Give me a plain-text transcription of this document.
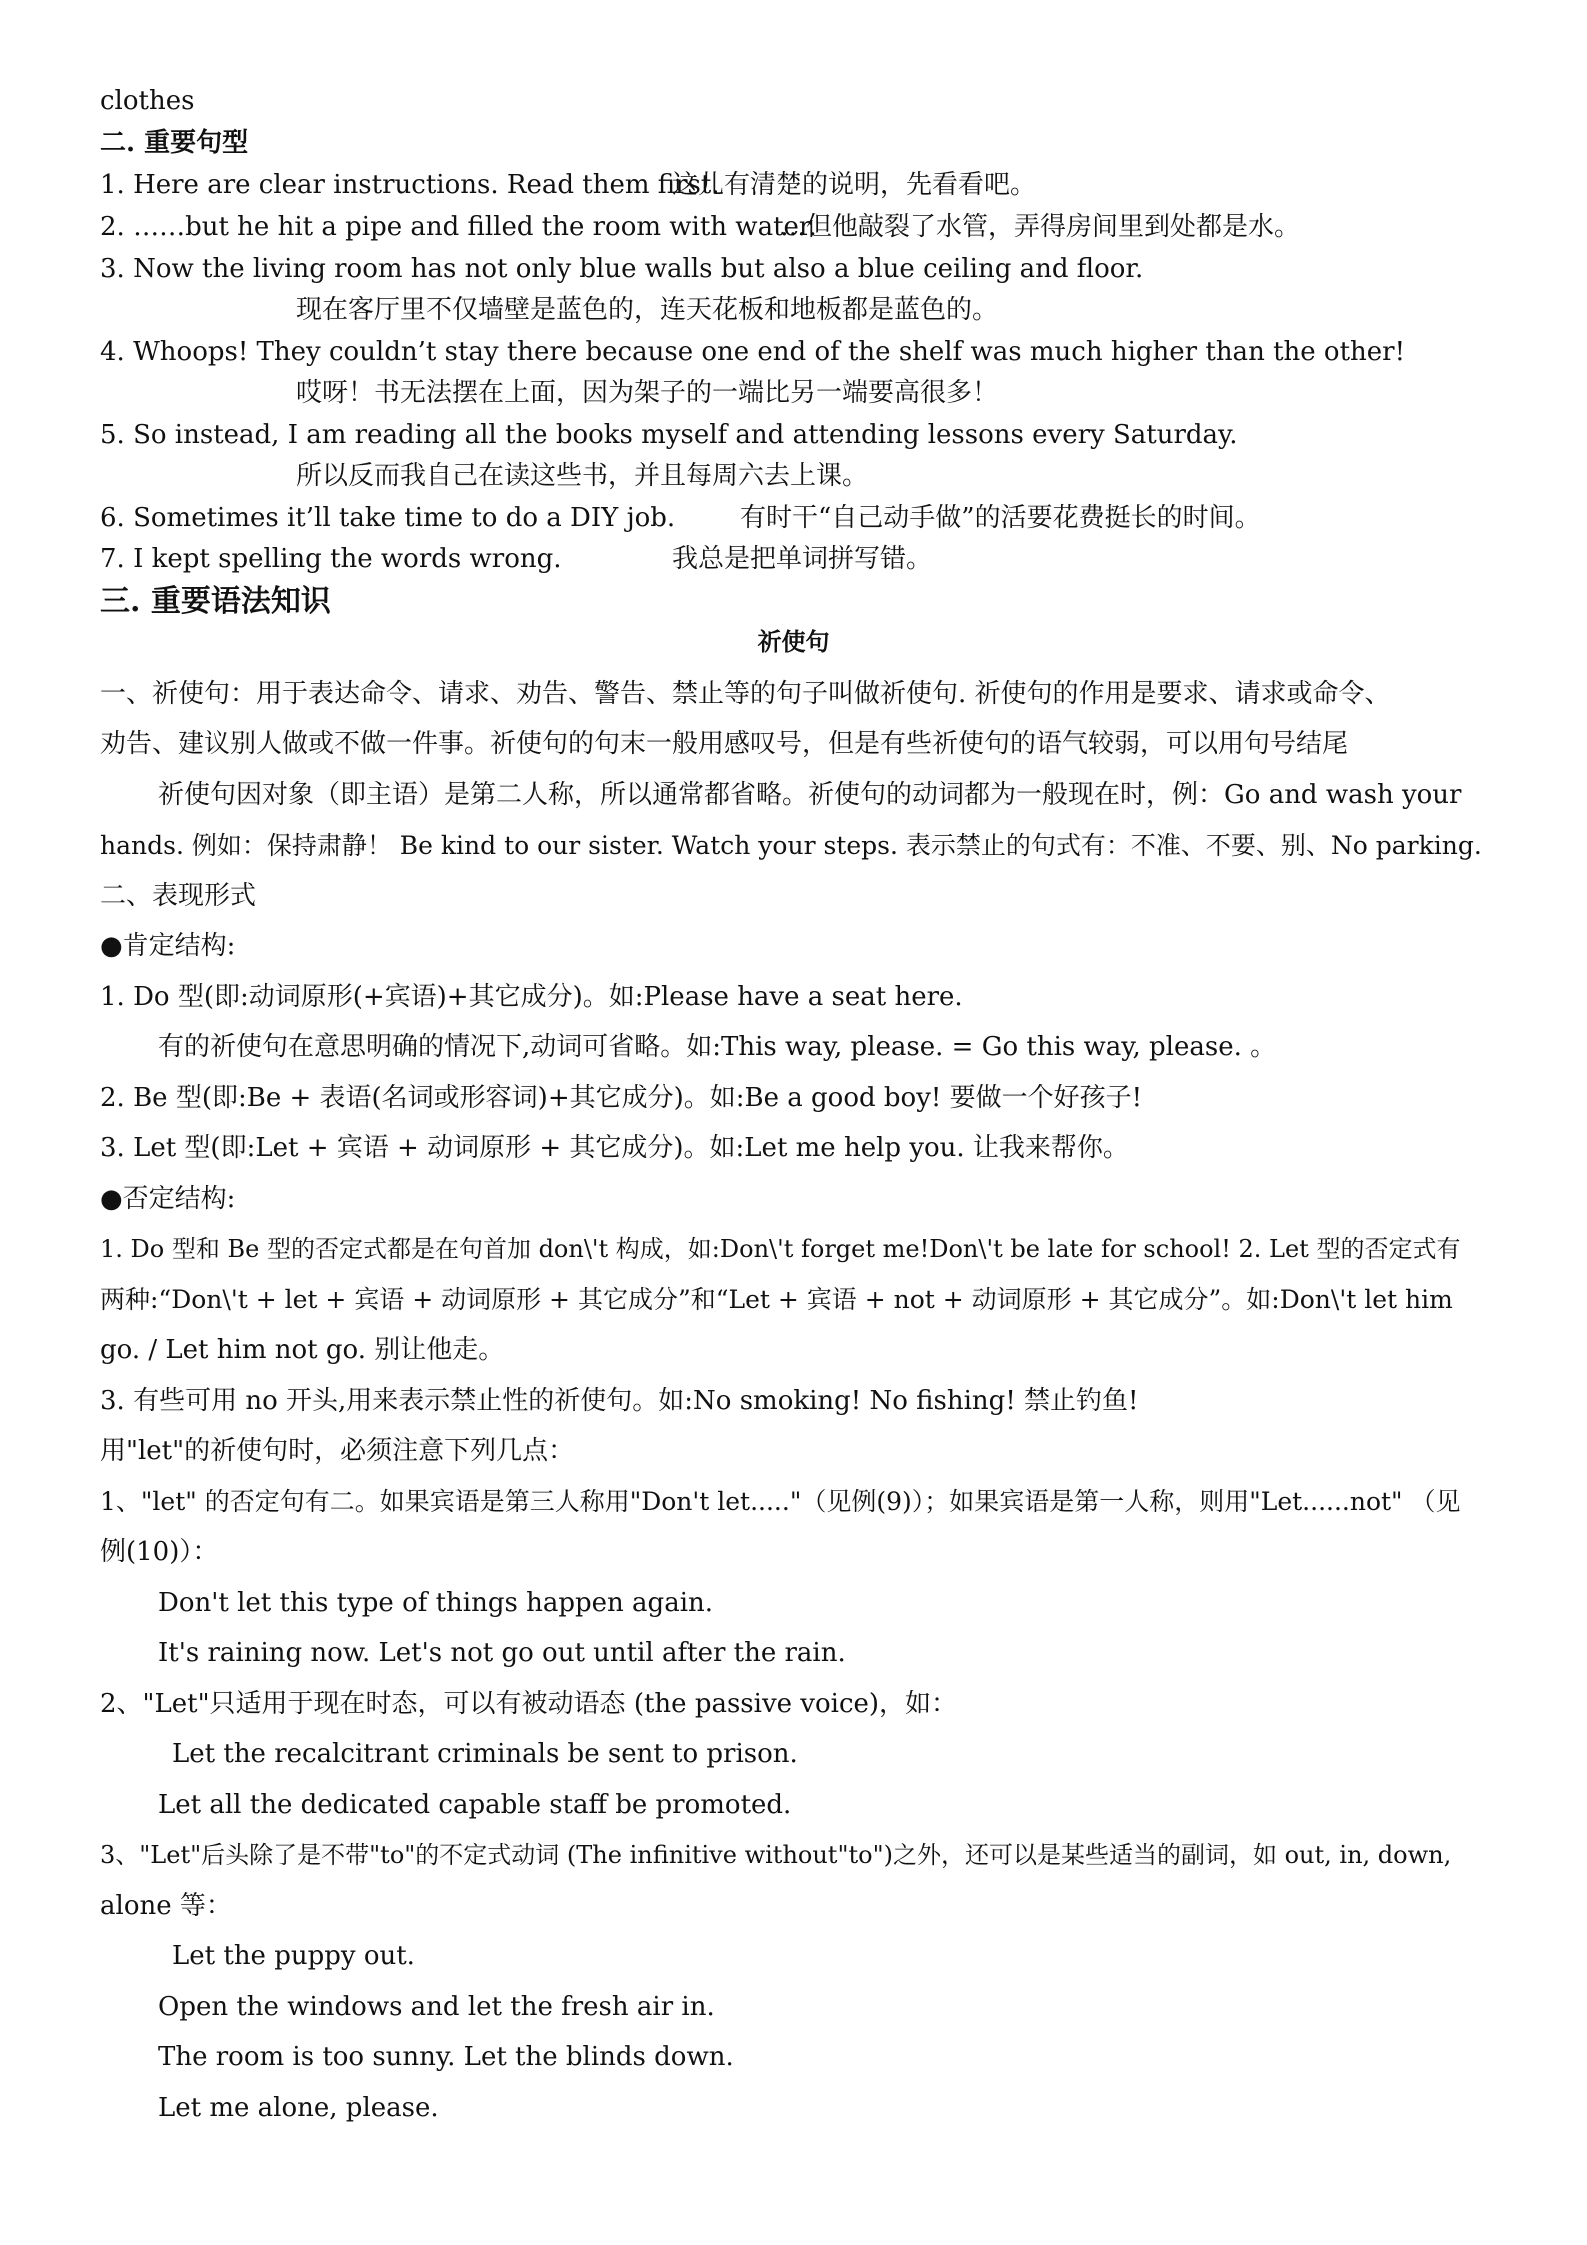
clothes
二. 重要句型
1. Here are clear instructions. Read them first.
这儿有清楚的说明，先看看吧。
2. ……but he hit a pipe and filled the room with water.
…但他敲裂了水管，弄得房间里到处都是水。
3. Now the living room has not only blue walls but also a blue ceiling and floor.
现在客厅里不仅墙壁是蓝色的，连天花板和地板都是蓝色的。
4. Whoops! They couldn’t stay there because one end of the shelf was much higher than the other!
哎呀！书无法摆在上面，因为架子的一端比另一端要高很多！
5. So instead, I am reading all the books myself and attending lessons every Saturday.
所以反而我自己在读这些书，并且每周六去上课。
6. Sometimes it’ll take time to do a DIY job. 有时干“自己动手做”的活要花费挺长的时间。
7. I kept spelling the words wrong.	我总是把单词拼写错。
三. 重要语法知识
祈使句
一、祈使句：用于表达命令、请求、劝告、警告、禁止等的句子叫做祈使句. 祈使句的作用是要求、请求或命令、
劝告、建议别人做或不做一件事。祈使句的句末一般用感叹号，但是有些祈使句的语气较弱，可以用句号结尾
祈使句因对象（即主语）是第二人称，所以通常都省略。祈使句的动词都为一般现在时，例：Go and wash your
hands. 例如：保持肃静！ Be kind to our sister. Watch your steps. 表示禁止的句式有：不准、不要、别、No parking.
二、表现形式
●肯定结构:
1. Do 型(即:动词原形(+宾语)+其它成分)。如:Please have a seat here.
有的祈使句在意思明确的情况下,动词可省略。如:This way, please. = Go this way, please. 。
2. Be 型(即:Be + 表语(名词或形容词)+其它成分)。如:Be a good boy! 要做一个好孩子!
3. Let 型(即:Let + 宾语 + 动词原形 + 其它成分)。如:Let me help you. 让我来帮你。
●否定结构:
1. Do 型和 Be 型的否定式都是在句首加 don\'t 构成，如:Don\'t forget me!Don\'t be late for school! 2. Let 型的否定式有
两种:“Don\'t + let + 宾语 + 动词原形 + 其它成分”和“Let + 宾语 + not + 动词原形 + 其它成分”。如:Don\'t let him
go. / Let him not go. 别让他走。
3. 有些可用 no 开头,用来表示禁止性的祈使句。如:No smoking! No fishing! 禁止钓鱼!
用"let"的祈使句时，必须注意下列几点：
1、"let" 的否定句有二。如果宾语是第三人称用"Don't let....."（见例(9)）；如果宾语是第一人称，则用"Let......not" （见
例(10)）：
Don't let this type of things happen again.
It's raining now. Let's not go out until after the rain.
2、"Let"只适用于现在时态，可以有被动语态 (the passive voice)，如：
Let the recalcitrant criminals be sent to prison.
Let all the dedicated capable staff be promoted.
3、"Let"后头除了是不带"to"的不定式动词 (The infinitive without"to")之外，还可以是某些适当的副词，如 out, in, down,
alone 等：
Let the puppy out.
Open the windows and let the fresh air in.
The room is too sunny. Let the blinds down.
Let me alone, please.
